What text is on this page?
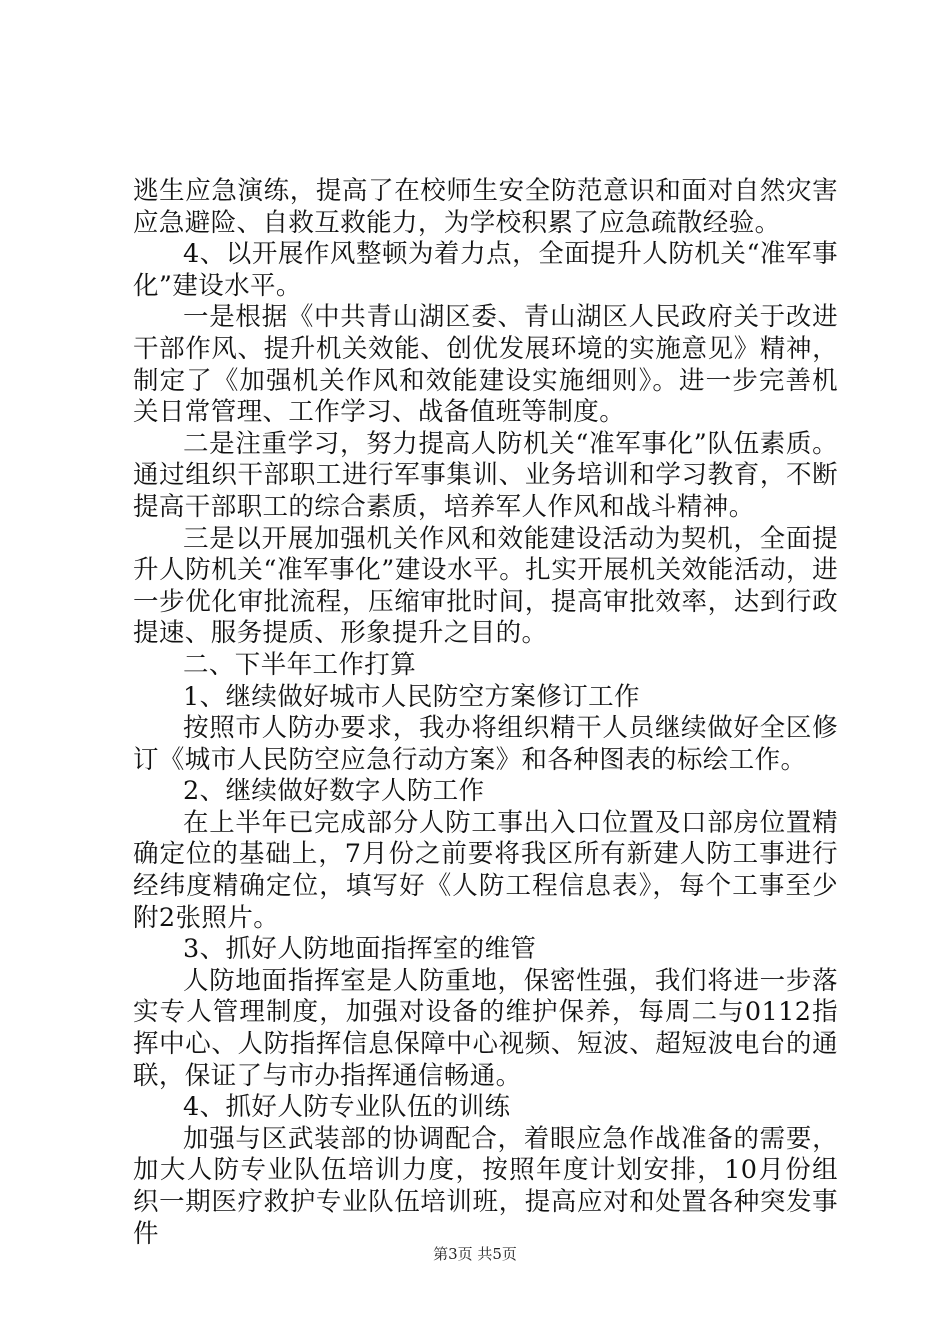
逃生应急演练，提高了在校师生安全防范意识和面对自然灾害应急避险、自救互救能力，为学校积累了应急疏散经验。

4、以开展作风整顿为着力点，全面提升人防机关“准军事化”建设水平。

一是根据《中共青山湖区委、青山湖区人民政府关于改进干部作风、提升机关效能、创优发展环境的实施意见》精神，制定了《加强机关作风和效能建设实施细则》。进一步完善机关日常管理、工作学习、战备值班等制度。

二是注重学习，努力提高人防机关“准军事化”队伍素质。通过组织干部职工进行军事集训、业务培训和学习教育，不断提高干部职工的综合素质，培养军人作风和战斗精神。

三是以开展加强机关作风和效能建设活动为契机，全面提升人防机关“准军事化”建设水平。扎实开展机关效能活动，进一步优化审批流程，压缩审批时间，提高审批效率，达到行政提速、服务提质、形象提升之目的。

二、下半年工作打算

1、继续做好城市人民防空方案修订工作

按照市人防办要求，我办将组织精干人员继续做好全区修订《城市人民防空应急行动方案》和各种图表的标绘工作。

2、继续做好数字人防工作

在上半年已完成部分人防工事出入口位置及口部房位置精确定位的基础上，7月份之前要将我区所有新建人防工事进行经纬度精确定位，填写好《人防工程信息表》，每个工事至少附2张照片。

3、抓好人防地面指挥室的维管

人防地面指挥室是人防重地，保密性强，我们将进一步落实专人管理制度，加强对设备的维护保养，每周二与0112指挥中心、人防指挥信息保障中心视频、短波、超短波电台的通联，保证了与市办指挥通信畅通。

4、抓好人防专业队伍的训练

加强与区武装部的协调配合，着眼应急作战准备的需要，加大人防专业队伍培训力度，按照年度计划安排，10月份组织一期医疗救护专业队伍培训班，提高应对和处置各种突发事件

第3页 共5页
